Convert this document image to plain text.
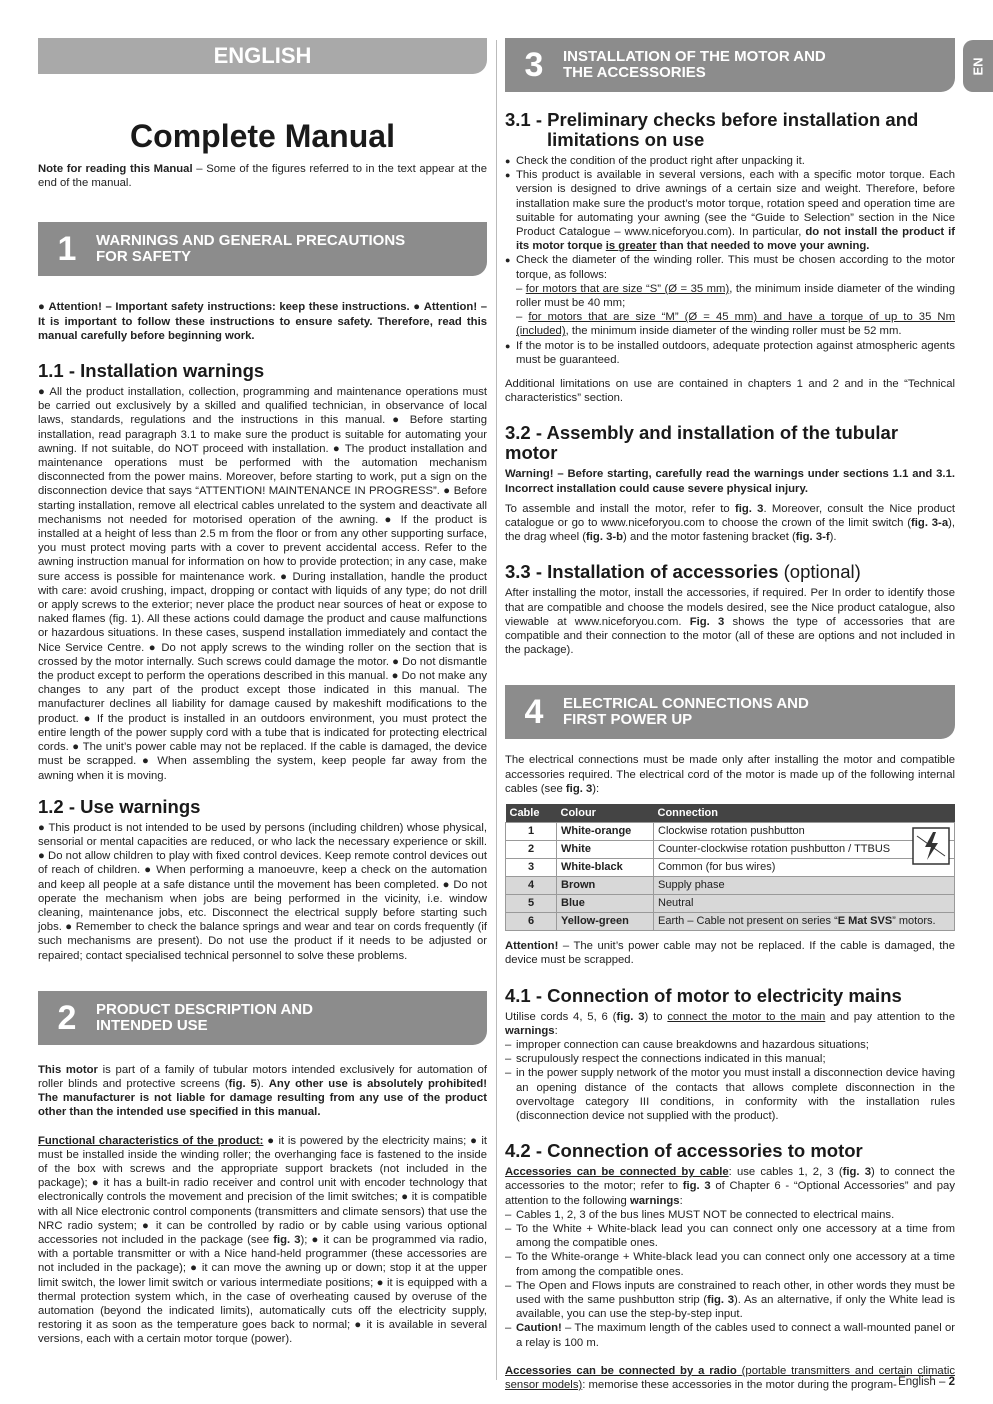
EN
ENGLISH
Complete Manual

Note for reading this Manual – Some of the figures referred to in the text appear at the end of the manual.

1	WARNINGS AND GENERAL PRECAUTIONS
FOR SAFETY

● Attention! – Important safety instructions: keep these instructions. ● Attention! – It is important to follow these instructions to ensure safety. Therefore, read this manual carefully before beginning work.

1.1 - Installation warnings

● All the product installation, collection, programming and maintenance operations must be carried out exclusively by a skilled and qualified technician, in observance of local laws, standards, regulations and the instructions in this manual. ● Before starting installation, read paragraph 3.1 to make sure the product is suitable for automating your awning. If not suitable, do NOT proceed with installation. ● The product installation and maintenance operations must be performed with the automation mechanism disconnected from the power mains. Moreover, before starting to work, put a sign on the disconnection device that says “ATTENTION! MAINTENANCE IN PROGRESS”. ● Before starting installation, remove all electrical cables unrelated to the system and deactivate all mechanisms not needed for motorised operation of the awning. ● If the product is installed at a height of less than 2.5 m from the floor or from any other supporting surface, you must protect moving parts with a cover to prevent accidental access. Refer to the awning instruction manual for information on how to provide protection; in any case, make sure access is possible for maintenance work. ● During installation, handle the product with care: avoid crushing, impact, dropping or contact with liquids of any type; do not drill or apply screws to the exterior; never place the product near sources of heat or expose to naked flames (fig. 1). All these actions could damage the product and cause malfunctions or hazardous situations. In these cases, suspend installation immediately and contact the Nice Service Centre. ● Do not apply screws to the winding roller on the section that is crossed by the motor internally. Such screws could damage the motor. ● Do not dismantle the product except to perform the operations described in this manual. ● Do not make any changes to any part of the product except those indicated in this manual. The manufacturer declines all liability for damage caused by makeshift modifications to the product. ● If the product is installed in an outdoors environment, you must protect the entire length of the power supply cord with a tube that is indicated for protecting electrical cords. ● The unit’s power cable may not be replaced. If the cable is damaged, the device must be scrapped. ● When assembling the system, keep people far away from the awning when it is moving.

1.2 - Use warnings

● This product is not intended to be used by persons (including children) whose physical, sensorial or mental capacities are reduced, or who lack the necessary experience or skill. ● Do not allow children to play with fixed control devices. Keep remote control devices out of reach of children. ● When performing a manoeuvre, keep a check on the automation and keep all people at a safe distance until the movement has been completed. ● Do not operate the mechanism when jobs are being performed in the vicinity, i.e. window cleaning, maintenance jobs, etc. Disconnect the electrical supply before starting such jobs. ● Remember to check the balance springs and wear and tear on cords frequently (if such mechanisms are present). Do not use the product if it needs to be adjusted or repaired; contact specialised technical personnel to solve these problems.

2	PRODUCT DESCRIPTION AND
INTENDED USE

This motor is part of a family of tubular motors intended exclusively for automation of roller blinds and protective screens (fig. 5). Any other use is absolutely prohibited! The manufacturer is not liable for damage resulting from any use of the product other than the intended use specified in this manual.

Functional characteristics of the product: ● it is powered by the electricity mains; ● it must be installed inside the winding roller; the overhanging face is fastened to the inside of the box with screws and the appropriate support brackets (not included in the package); ● it has a built-in radio receiver and control unit with encoder technology that electronically controls the movement and precision of the limit switches; ● it is compatible with all Nice electronic control components (transmitters and climate sensors) that use the NRC radio system; ● it can be controlled by radio or by cable using various optional accessories not included in the package (see fig. 3); ● it can be programmed via radio, with a portable transmitter or with a Nice hand-held programmer (these accessories are not included in the package); ● it can move the awning up or down; stop it at the upper limit switch, the lower limit switch or various intermediate positions; ● it is equipped with a thermal protection system which, in the case of overheating caused by overuse of the automation (beyond the indicated limits), automatically cuts off the electricity supply, restoring it as soon as the temperature goes back to normal; ● it is available in several versions, each with a certain motor torque (power).

3	INSTALLATION OF THE MOTOR AND
THE ACCESSORIES
3.1 - Preliminary checks before installation and limitations on use
● Check the condition of the product right after unpacking it.
● This product is available in several versions, each with a specific motor torque. Each version is designed to drive awnings of a certain size and weight. Therefore, before installation make sure the product’s motor torque, rotation speed and operation time are suitable for automating your awning (see the “Guide to Selection” section in the Nice Product Catalogue – www.niceforyou.com). In particular, do not install the product if its motor torque is greater than that needed to move your awning.
● Check the diameter of the winding roller. This must be chosen according to the motor torque, as follows:
– for motors that are size “S” (Ø = 35 mm), the minimum inside diameter of the winding roller must be 40 mm;
– for motors that are size “M” (Ø = 45 mm) and have a torque of up to 35 Nm (included), the minimum inside diameter of the winding roller must be 52 mm.
● If the motor is to be installed outdoors, adequate protection against atmospheric agents must be guaranteed.

Additional limitations on use are contained in chapters 1 and 2 and in the “Technical characteristics” section.

3.2 - Assembly and installation of the tubular motor

Warning! – Before starting, carefully read the warnings under sections 1.1 and 3.1. Incorrect installation could cause severe physical injury.

To assemble and install the motor, refer to fig. 3. Moreover, consult the Nice product catalogue or go to www.niceforyou.com to choose the crown of the limit switch (fig. 3-a), the drag wheel (fig. 3-b) and the motor fastening bracket (fig. 3-f).

3.3 - Installation of accessories (optional)

After installing the motor, install the accessories, if required. Per In order to identify those that are compatible and choose the models desired, see the Nice product catalogue, also viewable at www.niceforyou.com. Fig. 3 shows the type of accessories that are compatible and their connection to the motor (all of these are options and not included in the package).

4	ELECTRICAL CONNECTIONS AND
FIRST POWER UP

The electrical connections must be made only after installing the motor and compatible accessories required. The electrical cord of the motor is made up of the following internal cables (see fig. 3):

Cable	Colour	Connection
1	White-orange	Clockwise rotation pushbutton
2	White	Counter-clockwise rotation pushbutton / TTBUS
3	White-black	Common (for bus wires)
4	Brown	Supply phase
5	Blue	Neutral
6	Yellow-green	Earth – Cable not present on series “E Mat SVS” motors.

Attention! – The unit’s power cable may not be replaced. If the cable is damaged, the device must be scrapped.

4.1 - Connection of motor to electricity mains

Utilise cords 4, 5, 6 (fig. 3) to connect the motor to the main and pay attention to the warnings:

– improper connection can cause breakdowns and hazardous situations;
– scrupulously respect the connections indicated in this manual;
– in the power supply network of the motor you must install a disconnection device having an opening distance of the contacts that allows complete disconnection in the overvoltage category III conditions, in conformity with the installation rules (disconnection device not supplied with the product).
4.2 - Connection of accessories to motor

Accessories can be connected by cable: use cables 1, 2, 3 (fig. 3) to connect the accessories to the motor; refer to fig. 3 of Chapter 6 - “Optional Accessories” and pay attention to the following warnings:

– Cables 1, 2, 3 of the bus lines MUST NOT be connected to electrical mains.
– To the White + White-black lead you can connect only one accessory at a time from among the compatible ones.
– To the White-orange + White-black lead you can connect only one accessory at a time from among the compatible ones.
– The Open and Flows inputs are constrained to reach other, in other words they must be used with the same pushbutton strip (fig. 3). As an alternative, if only the White lead is available, you can use the step-by-step input.
– Caution! – The maximum length of the cables used to connect a wall-mounted panel or a relay is 100 m.

Accessories can be connected by a radio (portable transmitters and certain climatic sensor models): memorise these accessories in the motor during the program- English – 2
